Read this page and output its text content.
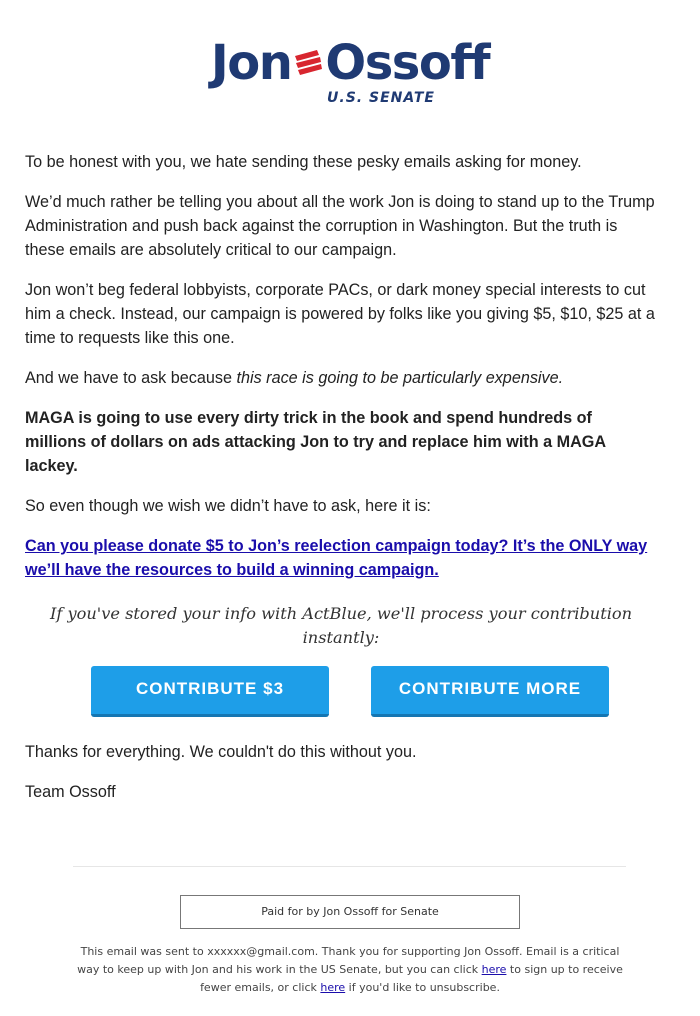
Jon Ossoff
U.S. SENATE

To be honest with you, we hate sending these pesky emails asking for money.

We’d much rather be telling you about all the work Jon is doing to stand up to the Trump Administration and push back against the corruption in Washington. But the truth is these emails are absolutely critical to our campaign.

Jon won’t beg federal lobbyists, corporate PACs, or dark money special interests to cut him a check. Instead, our campaign is powered by folks like you giving $5, $10, $25 at a time to requests like this one.

And we have to ask because this race is going to be particularly expensive.

MAGA is going to use every dirty trick in the book and spend hundreds of millions of dollars on ads attacking Jon to try and replace him with a MAGA lackey.

So even though we wish we didn’t have to ask, here it is:

Can you please donate $5 to Jon’s reelection campaign today? It’s the ONLY way we’ll have the resources to build a winning campaign.

If you've stored your info with ActBlue, we'll process your contribution instantly:

CONTRIBUTE $3	CONTRIBUTE MORE

Thanks for everything. We couldn't do this without you.

Team Ossoff

Paid for by Jon Ossoff for Senate
This email was sent to xxxxxx@gmail.com. Thank you for supporting Jon Ossoff. Email is a critical way to keep up with Jon and his work in the US Senate, but you can click here to sign up to receive fewer emails, or click here if you'd like to unsubscribe.
